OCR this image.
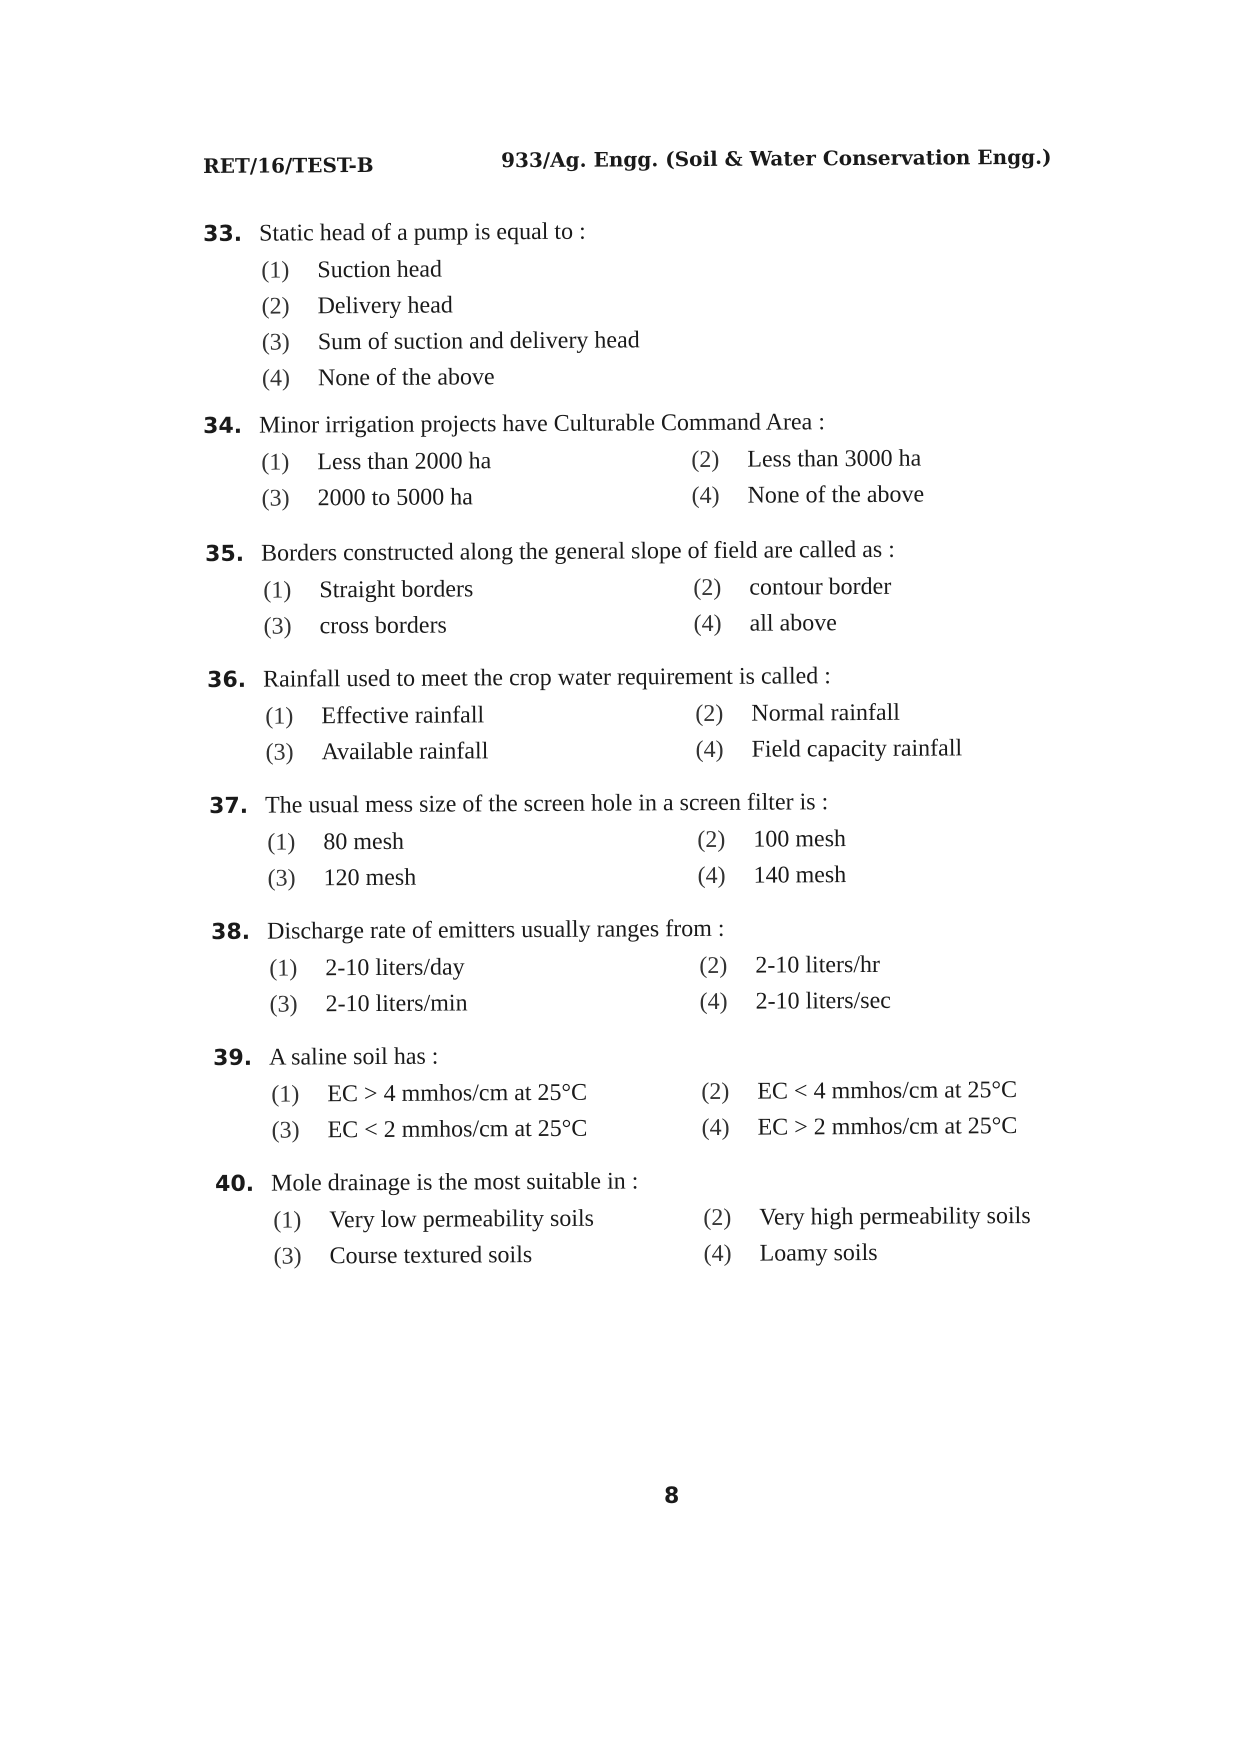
RET/16/TEST-B	933/Ag. Engg. (Soil & Water Conservation Engg.)
33. Static head of a pump is equal to :
(1) Suction head
(2) Delivery head
(3) Sum of suction and delivery head
(4) None of the above
34. Minor irrigation projects have Culturable Command Area :
(1) Less than 2000 ha	(2) Less than 3000 ha
(3) 2000 to 5000 ha	(4) None of the above
35. Borders constructed along the general slope of field are called as :
(1) Straight borders	(2) contour border
(3) cross borders	(4) all above
36. Rainfall used to meet the crop water requirement is called :
(1) Effective rainfall	(2) Normal rainfall
(3) Available rainfall	(4) Field capacity rainfall
37. The usual mess size of the screen hole in a screen filter is :
(1) 80 mesh	(2) 100 mesh
(3) 120 mesh	(4) 140 mesh
38. Discharge rate of emitters usually ranges from :
(1) 2-10 liters/day	(2) 2-10 liters/hr
(3) 2-10 liters/min	(4) 2-10 liters/sec
39. A saline soil has :
(1) EC > 4 mmhos/cm at 25°C	(2) EC < 4 mmhos/cm at 25°C
(3) EC < 2 mmhos/cm at 25°C	(4) EC > 2 mmhos/cm at 25°C
40. Mole drainage is the most suitable in :
(1) Very low permeability soils	(2) Very high permeability soils
(3) Course textured soils	(4) Loamy soils
8
